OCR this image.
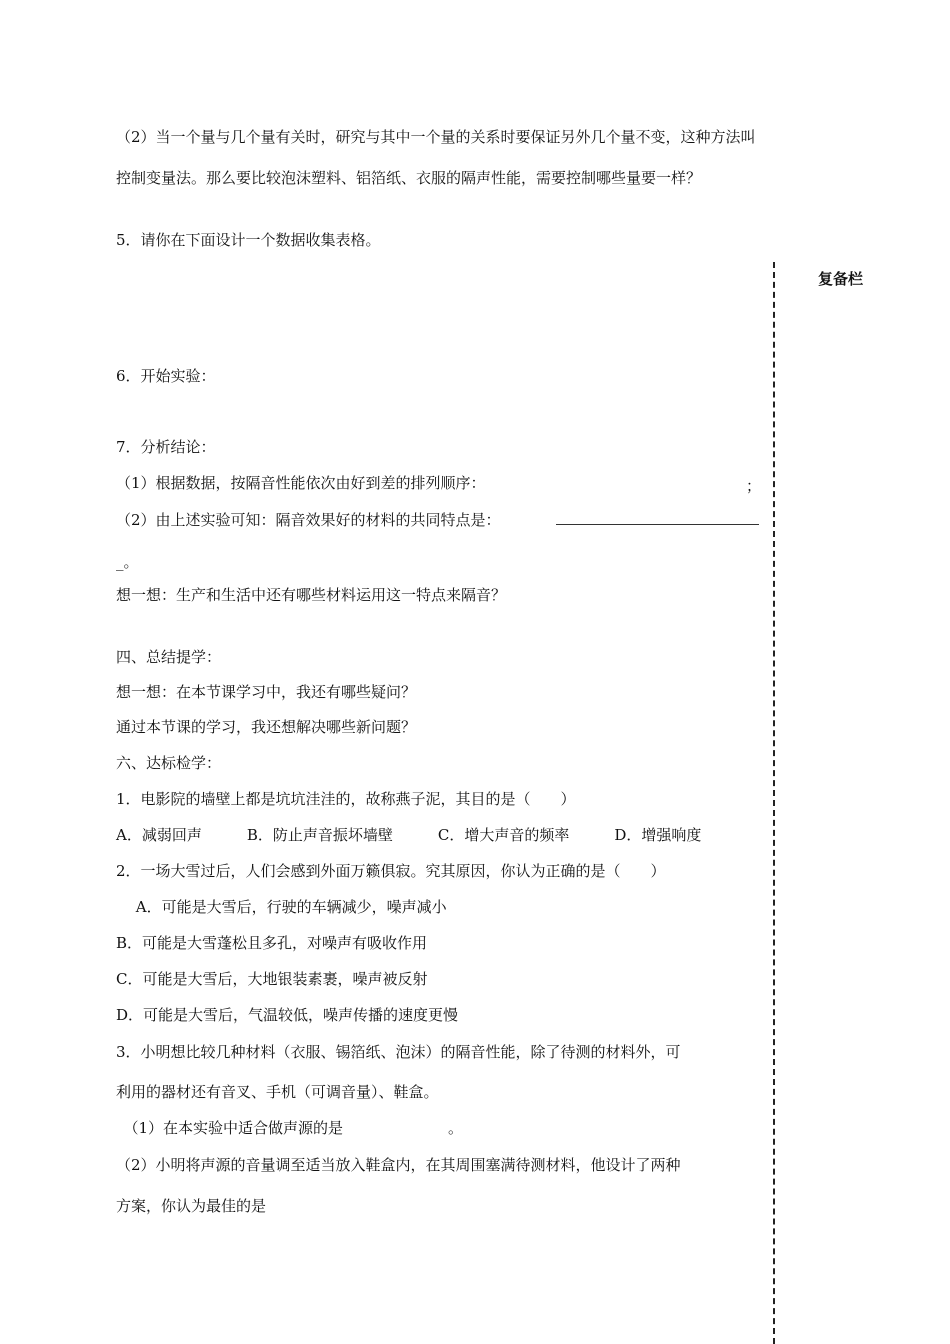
复备栏
（2）当一个量与几个量有关时，研究与其中一个量的关系时要保证另外几个量不变，这种方法叫
控制变量法。那么要比较泡沫塑料、铝箔纸、衣服的隔声性能，需要控制哪些量要一样？
5．请你在下面设计一个数据收集表格。
6．开始实验：
7．分析结论：
（1）根据数据，按隔音性能依次由好到差的排列顺序：	；
（2）由上述实验可知：隔音效果好的材料的共同特点是：
_。
想一想：生产和生活中还有哪些材料运用这一特点来隔音？
四、总结提学：
想一想：在本节课学习中，我还有哪些疑问？
通过本节课的学习，我还想解决哪些新问题？
六、达标检学：
1．电影院的墙壁上都是坑坑洼洼的，故称燕子泥，其目的是（　　）
A．减弱回声　　　B．防止声音振坏墙壁　　　C．增大声音的频率　　　D．增强响度
2．一场大雪过后，人们会感到外面万籁俱寂。究其原因，你认为正确的是（　　）
　 A．可能是大雪后，行驶的车辆减少，噪声减小
B．可能是大雪蓬松且多孔，对噪声有吸收作用
C．可能是大雪后，大地银装素裹，噪声被反射
D．可能是大雪后，气温较低，噪声传播的速度更慢
3．小明想比较几种材料（衣服、锡箔纸、泡沫）的隔音性能，除了待测的材料外，可
利用的器材还有音叉、手机（可调音量）、鞋盒。
　（1）在本实验中适合做声源的是　　　　　　　。
（2）小明将声源的音量调至适当放入鞋盒内，在其周围塞满待测材料，他设计了两种
方案，你认为最佳的是
